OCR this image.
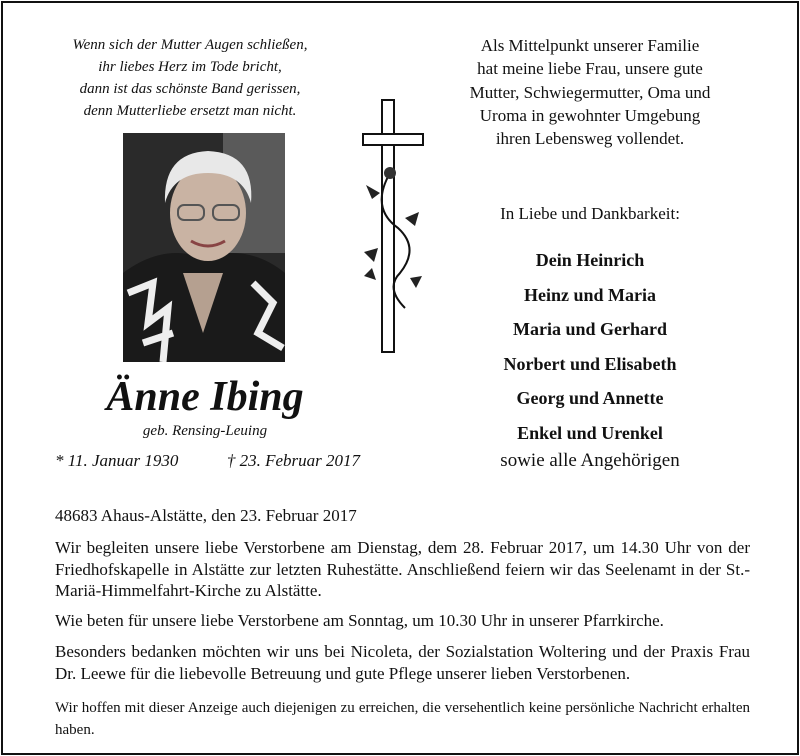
Wenn sich der Mutter Augen schließen,
ihr liebes Herz im Tode bricht,
dann ist das schönste Band gerissen,
denn Mutterliebe ersetzt man nicht.
Als Mittelpunkt unserer Familie
hat meine liebe Frau, unsere gute
Mutter, Schwiegermutter, Oma und
Uroma in gewohnter Umgebung
ihren Lebensweg vollendet.
In Liebe und Dankbarkeit:
Dein Heinrich
Heinz und Maria
Maria und Gerhard
Norbert und Elisabeth
Georg und Annette
Enkel und Urenkel
sowie alle Angehörigen
Änne Ibing
geb. Rensing-Leuing
* 11. Januar 1930	† 23. Februar 2017
48683 Ahaus-Alstätte, den 23. Februar 2017
Wir begleiten unsere liebe Verstorbene am Dienstag, dem 28. Februar 2017, um 14.30 Uhr von der Friedhofskapelle in Alstätte zur letzten Ruhestätte. Anschließend feiern wir das Seelenamt in der St.-Mariä-Himmelfahrt-Kirche zu Alstätte.
Wie beten für unsere liebe Verstorbene am Sonntag, um 10.30 Uhr in unserer Pfarrkirche.
Besonders bedanken möchten wir uns bei Nicoleta, der Sozialstation Woltering und der Praxis Frau Dr. Leewe für die liebevolle Betreuung und gute Pflege unserer lieben Verstorbenen.
Wir hoffen mit dieser Anzeige auch diejenigen zu erreichen, die versehentlich keine persönliche Nachricht erhalten haben.
